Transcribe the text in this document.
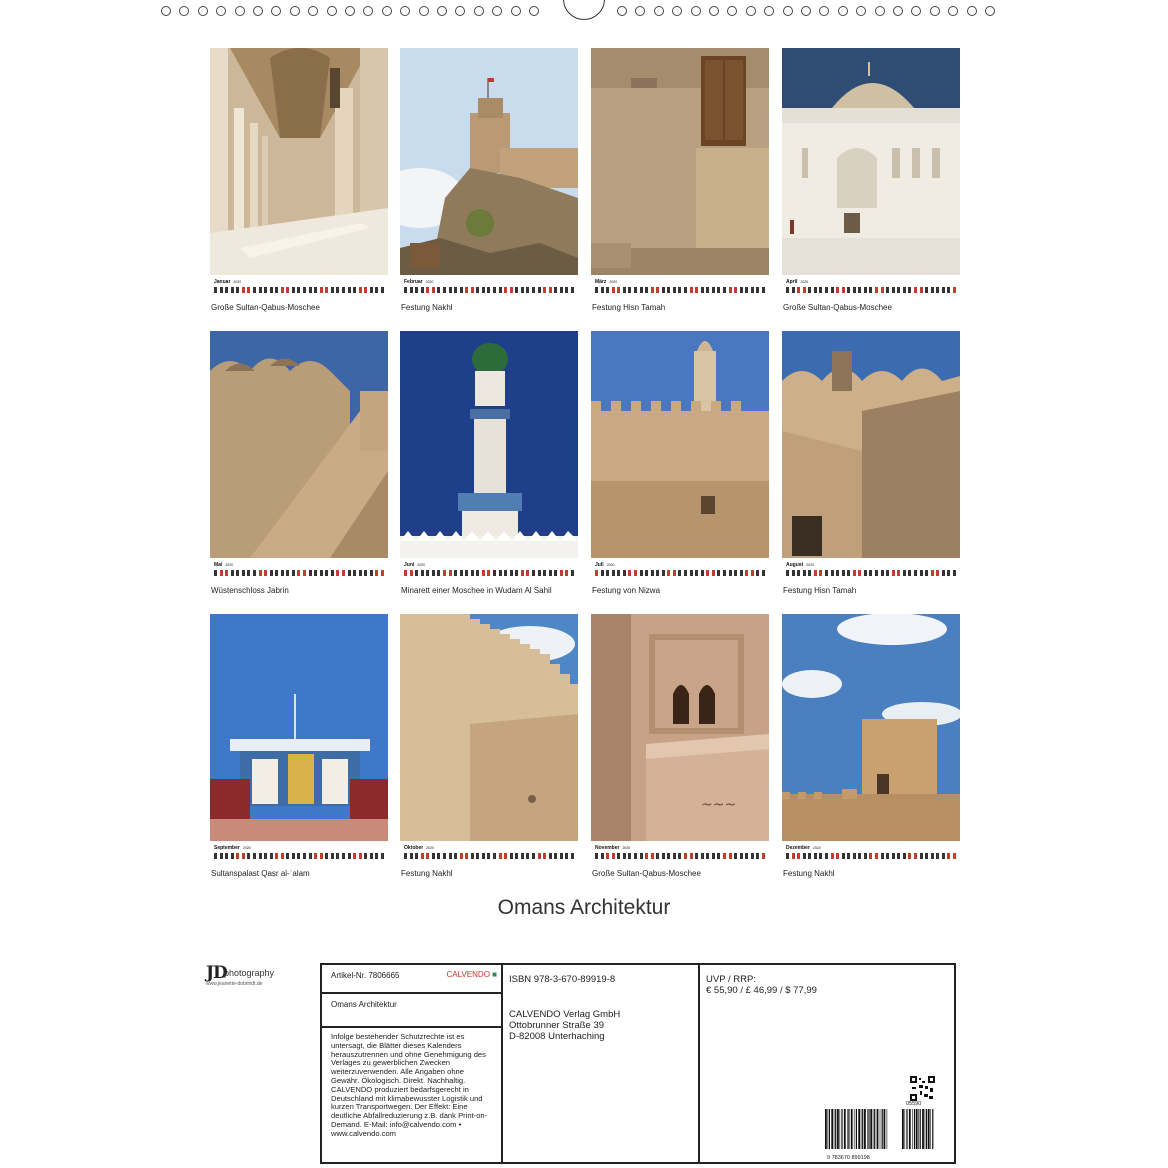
Januar 2020
Große Sultan-Qabus-Moschee
Februar 2020
Festung Nakhl
März 2020
Festung Hisn Tamah
April 2020
Große Sultan-Qabus-Moschee
Mai 2020
Wüstenschloss Jabrin
Juni 2020
Minarett einer Moschee in Wudam Al Sahil
Juli 2020
Festung von Nizwa
August 2020
Festung Hisn Tamah
September 2020
Sultanspalast Qaṣr al-ʿalam
Oktober 2020
Festung Nakhl
~~~
November 2020
Große Sultan-Qabus-Moschee
Dezember 2020
Festung Nakhl
Omans Architektur
JD
photography
www.jeanette-dobrindt.de
Artikel-Nr. 7806665	CALVENDO ■
Omans Architektur
Infolge bestehender Schutzrechte ist es untersagt, die Blätter dieses Kalenders herauszutrennen und ohne Genehmigung des Verlages zu gewerblichen Zwecken weiterzuverwenden. Alle Angaben ohne Gewähr. Ökologisch. Direkt. Nachhaltig. CALVENDO produziert bedarfsgerecht in Deutschland mit klimabewusster Logistik und kurzen Transportwegen. Der Effekt: Eine deutliche Abfallreduzierung z.B. dank Print-on-Demand. E-Mail: info@calvendo.com • www.calvendo.com
ISBN 978-3-670-89919-8
CALVENDO Verlag GmbH
Ottobrunner Straße 39
D-82008 Unterhaching
UVP / RRP:
€ 55,90 / £ 46,99 / $ 77,99
9 783670 899198
05590
